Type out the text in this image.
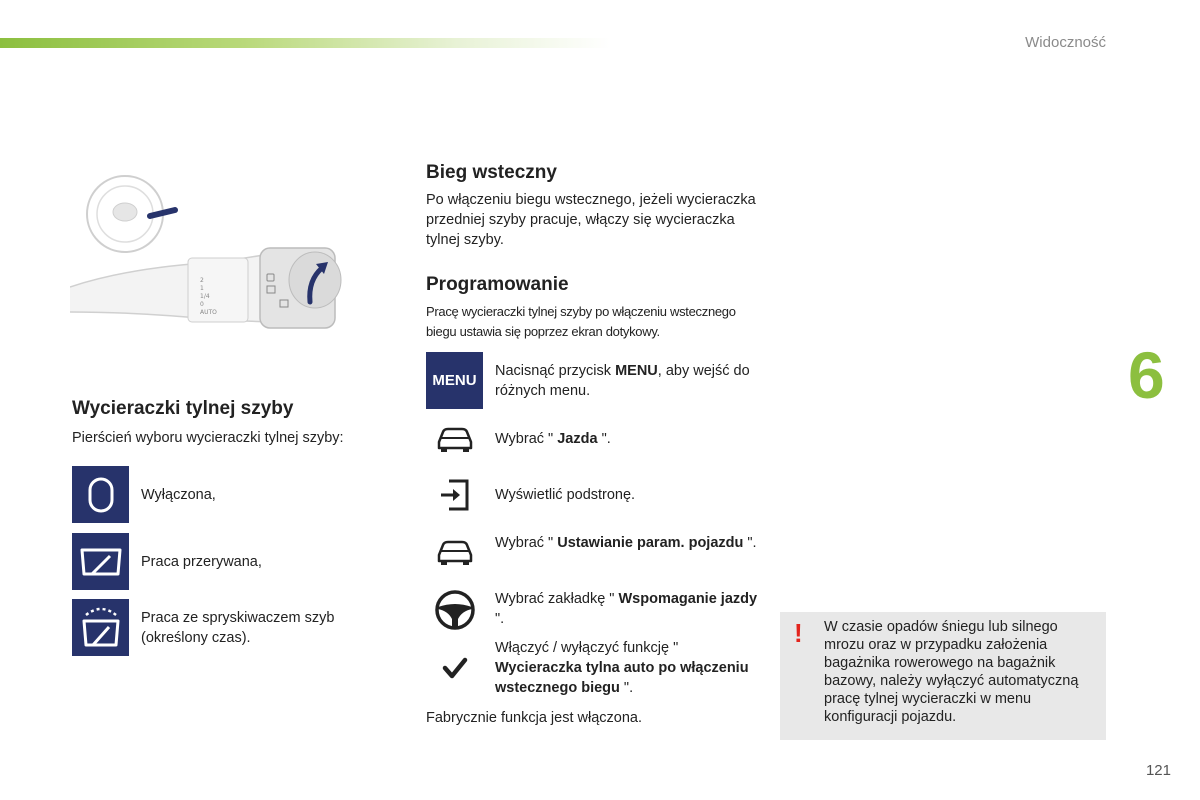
Widoczność
6
2
1
1/4
0
AUTO
Wycieraczki tylnej szyby
Pierścień wyboru wycieraczki tylnej szyby:
Wyłączona,
Praca przerywana,
Praca ze spryskiwaczem szyb (określony czas).
Bieg wsteczny
Po włączeniu biegu wstecznego, jeżeli wycieraczka przedniej szyby pracuje, włączy się wycieraczka tylnej szyby.
Programowanie
Pracę wycieraczki tylnej szyby po włączeniu wstecznego biegu ustawia się poprzez ekran dotykowy.
MENU
Nacisnąć przycisk MENU, aby wejść do różnych menu.
Wybrać " Jazda ".
Wyświetlić podstronę.
Wybrać " Ustawianie param. pojazdu ".
Wybrać zakładkę " Wspomaganie jazdy ".
Włączyć / wyłączyć funkcję " Wycieraczka tylna auto po włączeniu wstecznego biegu ".
Fabrycznie funkcja jest włączona.
! W czasie opadów śniegu lub silnego mrozu oraz w przypadku założenia bagażnika rowerowego na bagażnik bazowy, należy wyłączyć automatyczną pracę tylnej wycieraczki w menu konfiguracji pojazdu.
121
